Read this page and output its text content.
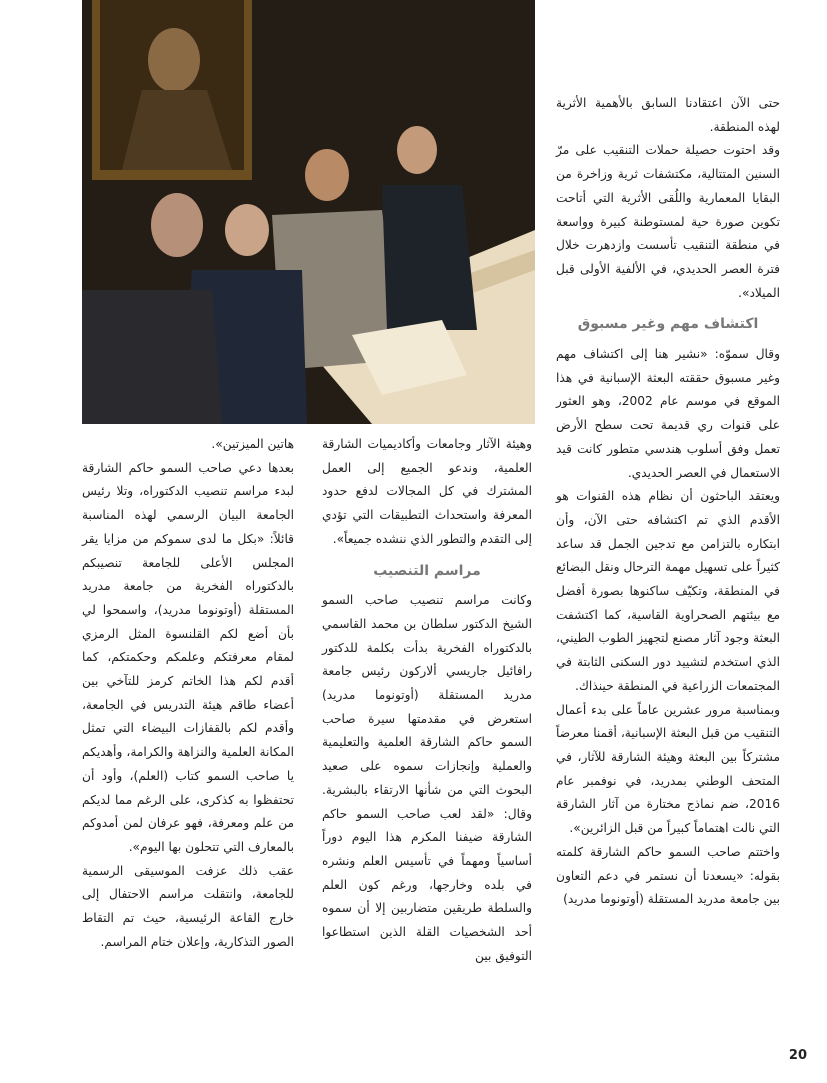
حتى الآن اعتقادنا السابق بالأهمية الأثرية لهذه المنطقة.

وقد احتوت حصيلة حملات التنقيب على مرّ السنين المتتالية، مكتشفات ثرية وزاخرة من البقايا المعمارية واللُقى الأثرية التي أتاحت تكوين صورة حية لمستوطنة كبيرة وواسعة في منطقة التنقيب تأسست وازدهرت خلال فترة العصر الحديدي، في الألفية الأولى قبل الميلاد».

اكتشاف مهم وغير مسبوق

وقال سموّه: «نشير هنا إلى اكتشاف مهم وغير مسبوق حققته البعثة الإسبانية في هذا الموقع في موسم عام 2002، وهو العثور على قنوات ري قديمة تحت سطح الأرض تعمل وفق أسلوب هندسي متطور كانت قيد الاستعمال في العصر الحديدي.

ويعتقد الباحثون أن نظام هذه القنوات هو الأقدم الذي تم اكتشافه حتى الآن، وأن ابتكاره بالتزامن مع تدجين الجمل قد ساعد كثيراً على تسهيل مهمة الترحال ونقل البضائع في المنطقة، وتكيّف ساكنوها بصورة أفضل مع بيئتهم الصحراوية القاسية، كما اكتشفت البعثة وجود آثار مصنع لتجهيز الطوب الطيني، الذي استخدم لتشييد دور السكنى الثابتة في المجتمعات الزراعية في المنطقة حينذاك.

وبمناسبة مرور عشرين عاماً على بدء أعمال التنقيب من قبل البعثة الإسبانية، أقمنا معرضاً مشتركاً بين البعثة وهيئة الشارقة للآثار، في المتحف الوطني بمدريد، في نوفمبر عام 2016، ضم نماذج مختارة من آثار الشارقة التي نالت اهتماماً كبيراً من قبل الزائرين».

واختتم صاحب السمو حاكم الشارقة كلمته بقوله: «يسعدنا أن نستمر في دعم التعاون بين جامعة مدريد المستقلة (أوتونوما مدريد)

وهيئة الآثار وجامعات وأكاديميات الشارقة العلمية، وندعو الجميع إلى العمل المشترك في كل المجالات لدفع حدود المعرفة واستحداث التطبيقات التي تؤدي إلى التقدم والتطور الذي ننشده جميعاً».

مراسم التنصيب

وكانت مراسم تنصيب صاحب السمو الشيخ الدكتور سلطان بن محمد القاسمي بالدكتوراه الفخرية بدأت بكلمة للدكتور رافائيل جاريسي ألاركون رئيس جامعة مدريد المستقلة (أوتونوما مدريد) استعرض في مقدمتها سيرة صاحب السمو حاكم الشارقة العلمية والتعليمية والعملية وإنجازات سموه على صعيد البحوث التي من شأنها الارتقاء بالبشرية. وقال: «لقد لعب صاحب السمو حاكم الشارقة ضيفنا المكرم هذا اليوم دوراً أساسياً ومهماً في تأسيس العلم ونشره في بلده وخارجها، ورغم كون العلم والسلطة طريقين متضاربين إلا أن سموه أحد الشخصيات القلة الذين استطاعوا التوفيق بين

هاتين الميزتين».

بعدها دعي صاحب السمو حاكم الشارقة لبدء مراسم تنصيب الدكتوراه، وتلا رئيس الجامعة البيان الرسمي لهذه المناسبة قائلاً: «بكل ما لدى سموكم من مزايا يقر المجلس الأعلى للجامعة تنصيبكم بالدكتوراه الفخرية من جامعة مدريد المستقلة (أوتونوما مدريد)، واسمحوا لي بأن أضع لكم القلنسوة المثل الرمزي لمقام معرفتكم وعلمكم وحكمتكم، كما أقدم لكم هذا الخاتم كرمز للتآخي بين أعضاء طاقم هيئة التدريس في الجامعة، وأقدم لكم بالقفازات البيضاء التي تمثل المكانة العلمية والنزاهة والكرامة، وأهديكم يا صاحب السمو كتاب (العلم)، وأود أن تحتفظوا به كذكرى، على الرغم مما لديكم من علم ومعرفة، فهو عرفان لمن أمدوكم بالمعارف التي تتحلون بها اليوم».

عقب ذلك عزفت الموسيقى الرسمية للجامعة، وانتقلت مراسم الاحتفال إلى خارج القاعة الرئيسية، حيث تم التقاط الصور التذكارية، وإعلان ختام المراسم.

20
